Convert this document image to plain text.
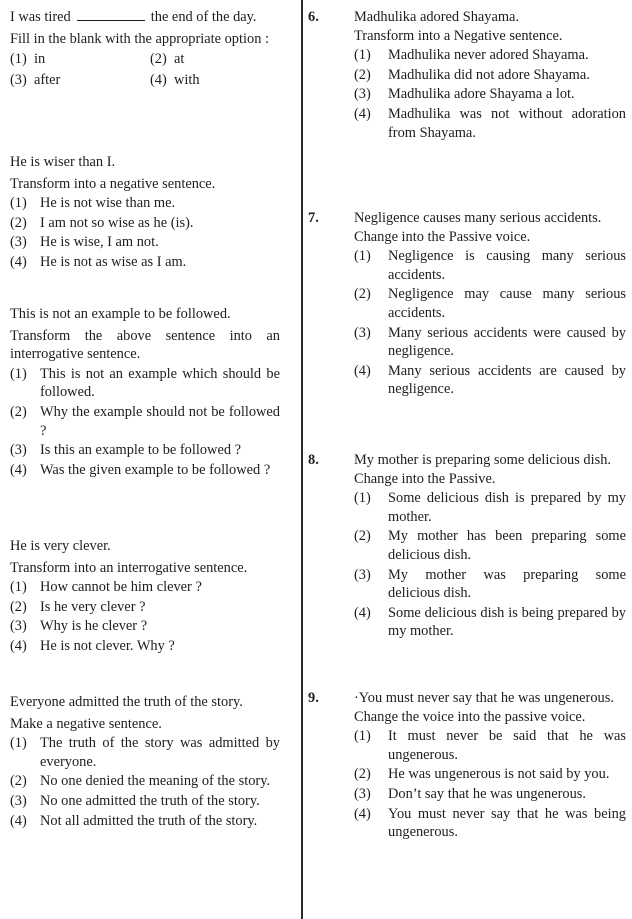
I was tired	the end of the day.
Fill in the blank with the appropriate option :
(1) in	(2) at
(3) after	(4) with
He is wiser than I.
Transform into a negative sentence.
(1) He is not wise than me.
(2) I am not so wise as he (is).
(3) He is wise, I am not.
(4) He is not as wise as I am.
This is not an example to be followed.
Transform the above sentence into an interrogative sentence.
(1) This is not an example which should be followed.
(2) Why the example should not be followed ?
(3) Is this an example to be followed ?
(4) Was the given example to be followed ?
He is very clever.
Transform into an interrogative sentence.
(1) How cannot be him clever ?
(2) Is he very clever ?
(3) Why is he clever ?
(4) He is not clever. Why ?
Everyone admitted the truth of the story.
Make a negative sentence.
(1) The truth of the story was admitted by everyone.
(2) No one denied the meaning of the story.
(3) No one admitted the truth of the story.
(4) Not all admitted the truth of the story.
6.	Madhulika adored Shayama.
Transform into a Negative sentence.
(1) Madhulika never adored Shayama.
(2) Madhulika did not adore Shayama.
(3) Madhulika adore Shayama a lot.
(4) Madhulika was not without adoration from Shayama.
7.	Negligence causes many serious accidents.
Change into the Passive voice.
(1) Negligence is causing many serious accidents.
(2) Negligence may cause many serious accidents.
(3) Many serious accidents were caused by negligence.
(4) Many serious accidents are caused by negligence.
8.	My mother is preparing some delicious dish.
Change into the Passive.
(1) Some delicious dish is prepared by my mother.
(2) My mother has been preparing some delicious dish.
(3) My mother was preparing some delicious dish.
(4) Some delicious dish is being prepared by my mother.
9.	·You must never say that he was ungenerous.
Change the voice into the passive voice.
(1) It must never be said that he was ungenerous.
(2) He was ungenerous is not said by you.
(3) Don’t say that he was ungenerous.
(4) You must never say that he was being ungenerous.
